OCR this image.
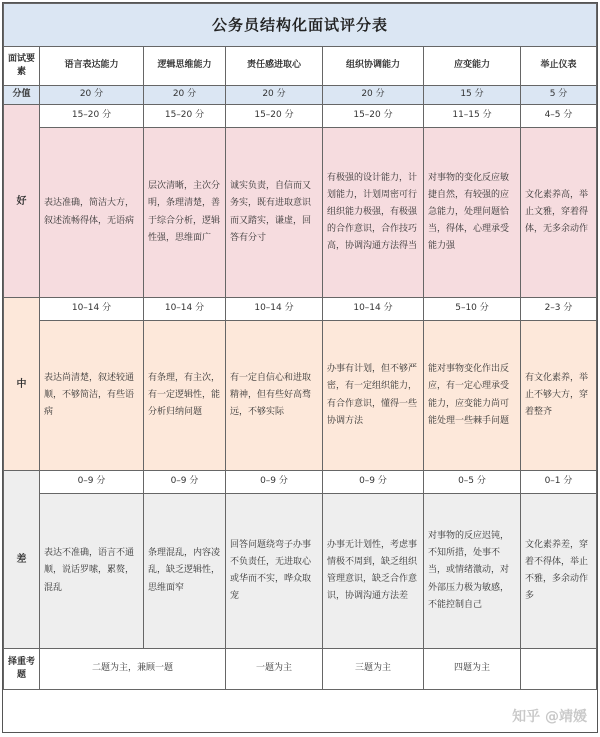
公务员结构化面试评分表						
面试要素	语言表达能力	逻辑思维能力	责任感进取心	组织协调能力	应变能力	举止仪表
分值	20 分	20 分	20 分	20 分	15 分	5 分
好	15–20 分	15–20 分	15–20 分	15–20 分	11–15 分	4–5 分
	表达准确，简洁大方，叙述流畅得体，无语病	层次清晰，主次分明，条理清楚，善于综合分析，逻辑性强，思维面广	诚实负责，自信而又务实，既有进取意识而又踏实，谦虚，回答有分寸	有极强的设计能力，计划能力，计划周密可行组织能力极强，有极强的合作意识，合作技巧高，协调沟通方法得当	对事物的变化反应敏捷自然，有较强的应急能力，处理问题恰当，得体，心理承受能力强	文化素养高，举止文雅，穿着得体，无多余动作
中	10–14 分	10–14 分	10–14 分	10–14 分	5–10 分	2–3 分
	表达尚清楚，叙述较通顺，不够简洁，有些语病	有条理，有主次，有一定逻辑性，能分析归纳问题	有一定自信心和进取精神，但有些好高骛远，不够实际	办事有计划，但不够严密，有一定组织能力，有合作意识，懂得一些协调方法	能对事物变化作出反应，有一定心理承受能力，应变能力尚可能处理一些棘手问题	有文化素养，举止不够大方，穿着整齐
差	0–9 分	0–9 分	0–9 分	0–9 分	0–5 分	0–1 分
	表达不准确，语言不通顺，说话罗嗦，累赘，混乱	条理混乱，内容凌乱，缺乏逻辑性，思维面窄	回答问题绕弯子办事不负责任，无进取心或华而不实，哗众取宠	办事无计划性，考虑事情极不周到，缺乏组织管理意识，缺乏合作意识，协调沟通方法差	对事物的反应迟钝，不知所措，处事不当，或情绪激动，对外部压力极为敏感，不能控制自己	文化素养差，穿着不得体，举止不雅，多余动作多
择重考题	二题为主，兼顾一题		一题为主	三题为主	四题为主	
知乎 @靖媛
